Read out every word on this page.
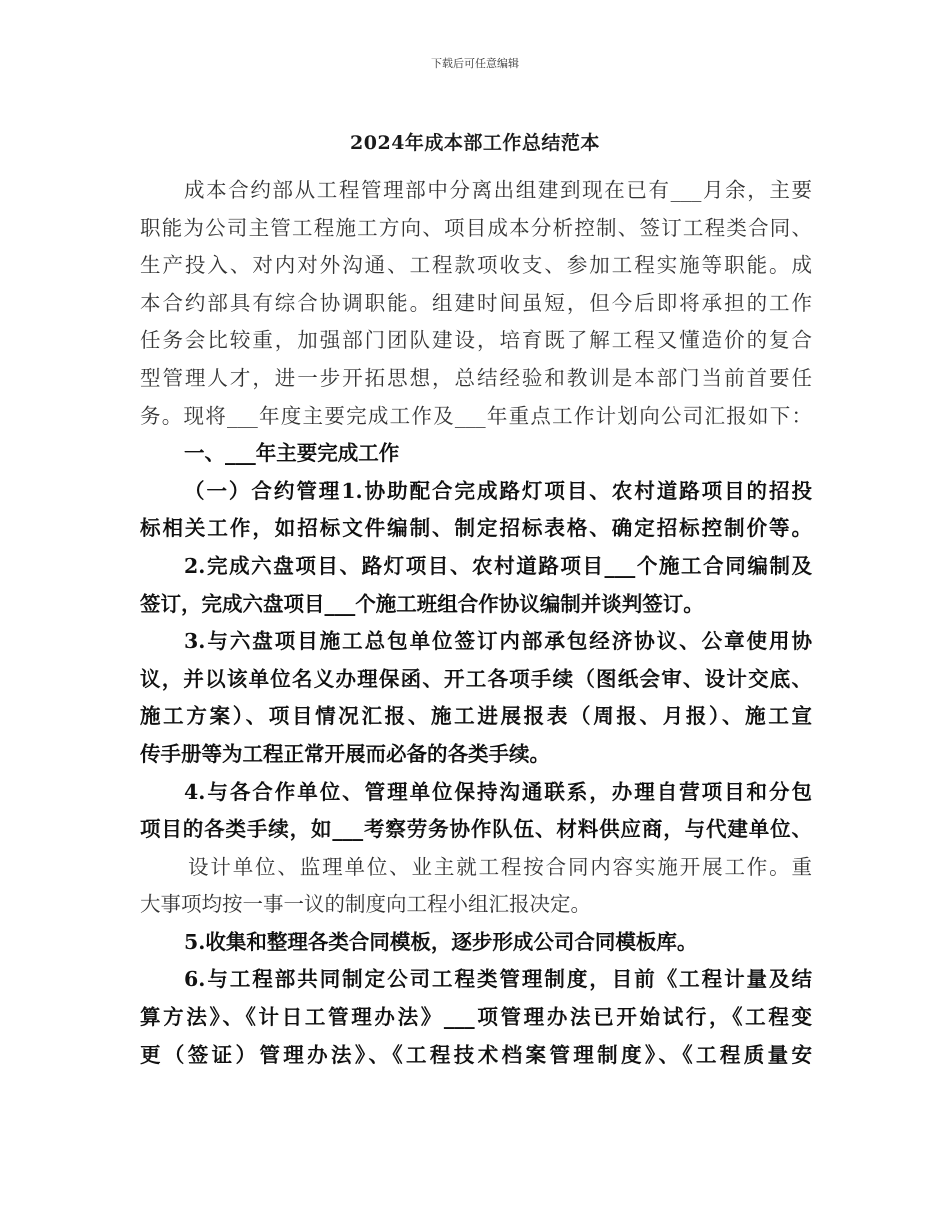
下载后可任意编辑
2024年成本部工作总结范本
成本合约部从工程管理部中分离出组建到现在已有___月余，主要
职能为公司主管工程施工方向、项目成本分析控制、签订工程类合同、
生产投入、对内对外沟通、工程款项收支、参加工程实施等职能。成
本合约部具有综合协调职能。组建时间虽短，但今后即将承担的工作
任务会比较重，加强部门团队建设，培育既了解工程又懂造价的复合
型管理人才，进一步开拓思想，总结经验和教训是本部门当前首要任
务。现将___年度主要完成工作及___年重点工作计划向公司汇报如下：
一、___年主要完成工作
（一）合约管理1.协助配合完成路灯项目、农村道路项目的招投
标相关工作，如招标文件编制、制定招标表格、确定招标控制价等。
2.完成六盘项目、路灯项目、农村道路项目___个施工合同编制及
签订，完成六盘项目___个施工班组合作协议编制并谈判签订。
3.与六盘项目施工总包单位签订内部承包经济协议、公章使用协
议，并以该单位名义办理保函、开工各项手续（图纸会审、设计交底、
施工方案）、项目情况汇报、施工进展报表（周报、月报）、施工宣
传手册等为工程正常开展而必备的各类手续。
4.与各合作单位、管理单位保持沟通联系，办理自营项目和分包
项目的各类手续，如___考察劳务协作队伍、材料供应商，与代建单位、
设计单位、监理单位、业主就工程按合同内容实施开展工作。重
大事项均按一事一议的制度向工程小组汇报决定。
5.收集和整理各类合同模板，逐步形成公司合同模板库。
6.与工程部共同制定公司工程类管理制度，目前《工程计量及结
算方法》、《计日工管理办法》___项管理办法已开始试行，《工程变
更（签证）管理办法》、《工程技术档案管理制度》、《工程质量安
